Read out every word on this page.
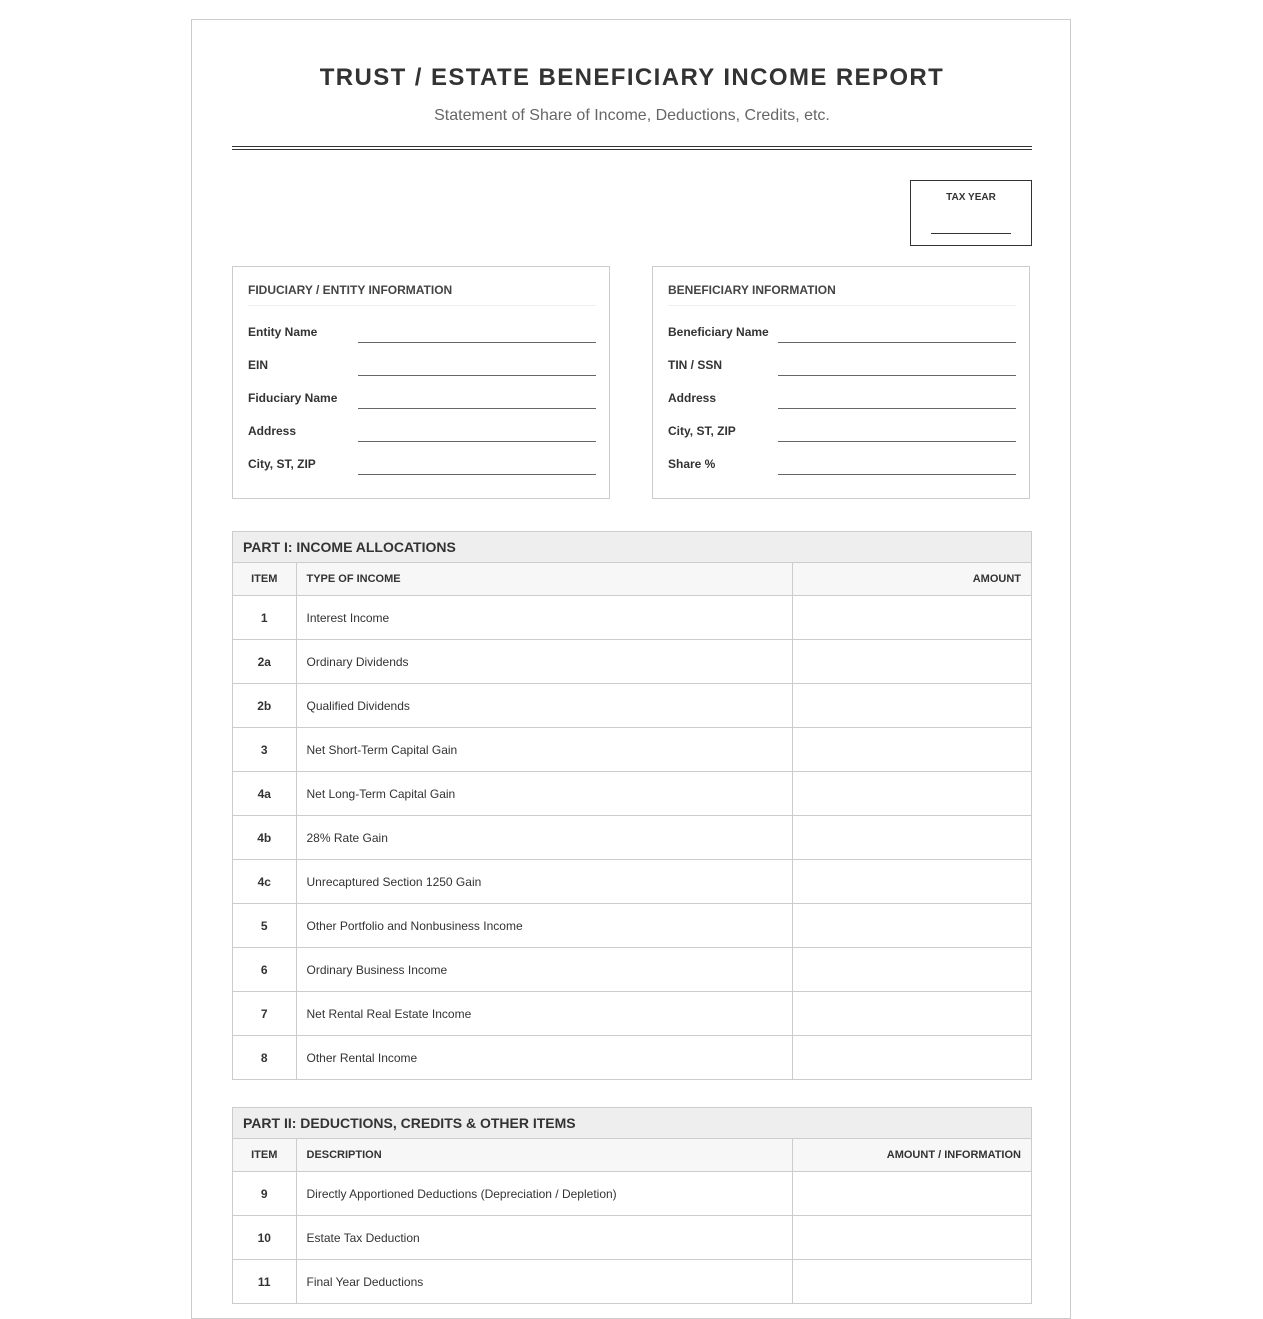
TRUST / ESTATE BENEFICIARY INCOME REPORT
Statement of Share of Income, Deductions, Credits, etc.
TAX YEAR
FIDUCIARY / ENTITY INFORMATION
Entity Name
EIN
Fiduciary Name
Address
City, ST, ZIP
BENEFICIARY INFORMATION
Beneficiary Name
TIN / SSN
Address
City, ST, ZIP
Share %
PART I: INCOME ALLOCATIONS
ITEM	TYPE OF INCOME	AMOUNT
1	Interest Income	
2a	Ordinary Dividends	
2b	Qualified Dividends	
3	Net Short-Term Capital Gain	
4a	Net Long-Term Capital Gain	
4b	28% Rate Gain	
4c	Unrecaptured Section 1250 Gain	
5	Other Portfolio and Nonbusiness Income	
6	Ordinary Business Income	
7	Net Rental Real Estate Income	
8	Other Rental Income	
PART II: DEDUCTIONS, CREDITS & OTHER ITEMS
ITEM	DESCRIPTION	AMOUNT / INFORMATION
9	Directly Apportioned Deductions (Depreciation / Depletion)	
10	Estate Tax Deduction	
11	Final Year Deductions	
